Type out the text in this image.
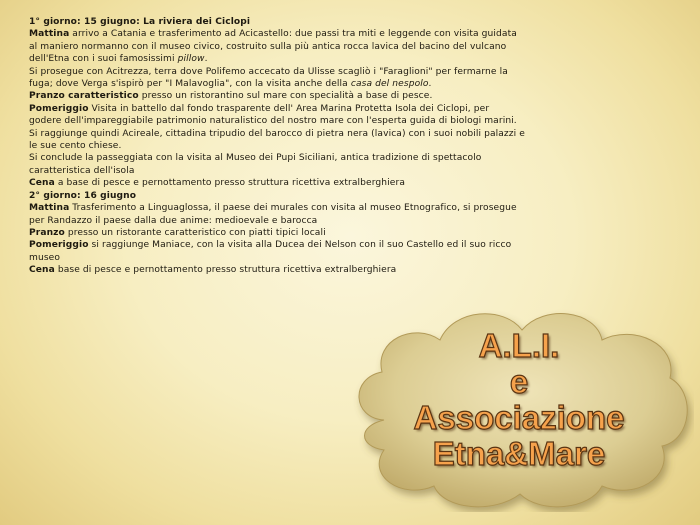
1° giorno: 15 giugno: La riviera dei Ciclopi
Mattina arrivo a Catania e trasferimento ad Acicastello: due passi tra miti e leggende con visita guidata
al maniero normanno con il museo civico, costruito sulla più antica rocca lavica del bacino del vulcano
dell'Etna con i suoi famosissimi pillow.
Si prosegue con Acitrezza, terra dove Polifemo accecato da Ulisse scagliò i "Faraglioni" per fermarne la
fuga; dove Verga s'ispirò per "I Malavoglia", con la visita anche della casa del nespolo.
Pranzo caratteristico presso un ristorantino sul mare con specialità a base di pesce.
Pomeriggio Visita in battello dal fondo trasparente dell' Area Marina Protetta Isola dei Ciclopi, per
godere dell'impareggiabile patrimonio naturalistico del nostro mare con l'esperta guida di biologi marini.
Si raggiunge quindi Acireale, cittadina tripudio del barocco di pietra nera (lavica) con i suoi nobili palazzi e
le sue cento chiese.
Si conclude la passeggiata con la visita al Museo dei Pupi Siciliani, antica tradizione di spettacolo
caratteristica dell'isola
Cena a base di pesce e pernottamento presso struttura ricettiva extralberghiera
2° giorno: 16 giugno
Mattina Trasferimento a Linguaglossa, il paese dei murales con visita al museo Etnografico, si prosegue
per Randazzo il paese dalla due anime: medioevale e barocca
Pranzo presso un ristorante caratteristico con piatti tipici locali
Pomeriggio si raggiunge Maniace, con la visita alla Ducea dei Nelson con il suo Castello ed il suo ricco
museo
Cena base di pesce e pernottamento presso struttura ricettiva extralberghiera
A.L.I.
e
Associazione
Etna&Mare
